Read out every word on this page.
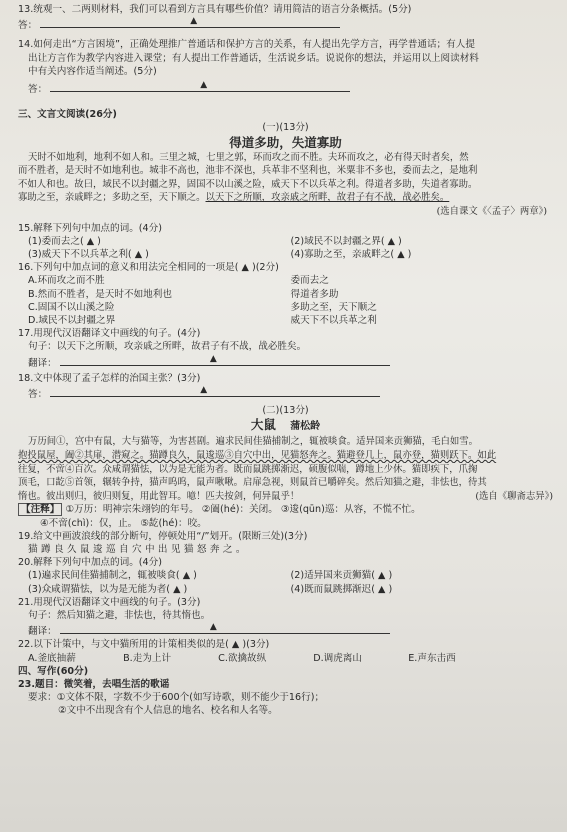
13.统观一、二两则材料，我们可以看到方言具有哪些价值？请用简洁的语言分条概括。(5分)
答：	▲
14.如何走出“方言困境”，正确处理推广普通话和保护方言的关系，有人提出先学方言，再学普通话；有人提
出让方言作为教学内容进入课堂；有人提出工作普通话，生活说乡话。说说你的想法，并运用以上阅读材料
中有关内容作适当阐述。(5分)
答：	▲
三、文言文阅读(26分)
(一)(13分)
得道多助，失道寡助
天时不如地利，地利不如人和。三里之城，七里之郭，环而攻之而不胜。夫环而攻之，必有得天时者矣，然
而不胜者，是天时不如地利也。城非不高也，池非不深也，兵革非不坚利也，米粟非不多也，委而去之，是地利
不如人和也。故曰，域民不以封疆之界，固国不以山溪之险，威天下不以兵革之利。得道者多助，失道者寡助。
寡助之至，亲戚畔之；多助之至，天下顺之。以天下之所顺，攻亲戚之所畔，故君子有不战，战必胜矣。
(选自课文《〈孟子〉两章》)
15.解释下列句中加点的词。(4分)
(1)委而去之( ▲ )	(2)域民不以封疆之界( ▲ )
(3)威天下不以兵革之利( ▲ )	(4)寡助之至，亲戚畔之( ▲ )
16.下列句中加点词的意义和用法完全相同的一项是( ▲ )(2分)
A.环而攻之而不胜	委而去之
B.然而不胜者，是天时不如地利也	得道者多助
C.固国不以山溪之险	多助之至，天下顺之
D.域民不以封疆之界	威天下不以兵革之利
17.用现代汉语翻译文中画线的句子。(4分)
句子：以天下之所顺，攻亲戚之所畔，故君子有不战，战必胜矣。
翻译：	▲
18.文中体现了孟子怎样的治国主张？(3分)
答：	▲
(二)(13分)
大鼠 蒲松龄
万历间①，宫中有鼠，大与猫等，为害甚剧。遍求民间佳猫捕制之，辄被啖食。适异国来贡狮猫，毛白如雪。
抱投鼠屋，阖②其扉，潜窥之。猫蹲良久，鼠逡巡③自穴中出，见猫怒奔之。猫避登几上，鼠亦登，猫则跃下。如此
往复，不啻④百次。众咸谓猫怯，以为是无能为者。既而鼠跳掷渐迟，硕腹似喘，蹲地上少休。猫即疾下，爪掬
顶毛，口龁⑤首领，辗转争持，猫声呜呜，鼠声啾啾。启扉急视，则鼠首已嚼碎矣。然后知猫之避，非怯也，待其
惰也。彼出则归，彼归则复，用此智耳。噫！匹夫按剑，何异鼠乎！	(选自《聊斋志异》)
【注释】 ①万历：明神宗朱翊钧的年号。 ②阖(hé)：关闭。 ③逡(qūn)巡：从容，不慌不忙。
④不啻(chì)：仅，止。 ⑤龁(hé)：咬。
19.给文中画波浪线的部分断句，停顿处用“/”划开。(限断三处)(3分)
猫蹲良久鼠逡巡自穴中出见猫怒奔之。
20.解释下列句中加点的词。(4分)
(1)遍求民间佳猫捕制之，辄被啖食( ▲ )	(2)适异国来贡狮猫( ▲ )
(3)众咸谓猫怯，以为是无能为者( ▲ )	(4)既而鼠跳掷渐迟( ▲ )
21.用现代汉语翻译文中画线的句子。(3分)
句子：然后知猫之避，非怯也，待其惰也。
翻译：	▲
22.以下计策中，与文中猫所用的计策相类似的是( ▲ )(3分)
A.釜底抽薪	B.走为上计	C.欲擒故纵	D.调虎离山	E.声东击西
四、写作(60分)
23.题目：微笑着，去唱生活的歌谣
要求：①文体不限，字数不少于600个(如写诗歌，则不能少于16行)；
②文中不出现含有个人信息的地名、校名和人名等。
